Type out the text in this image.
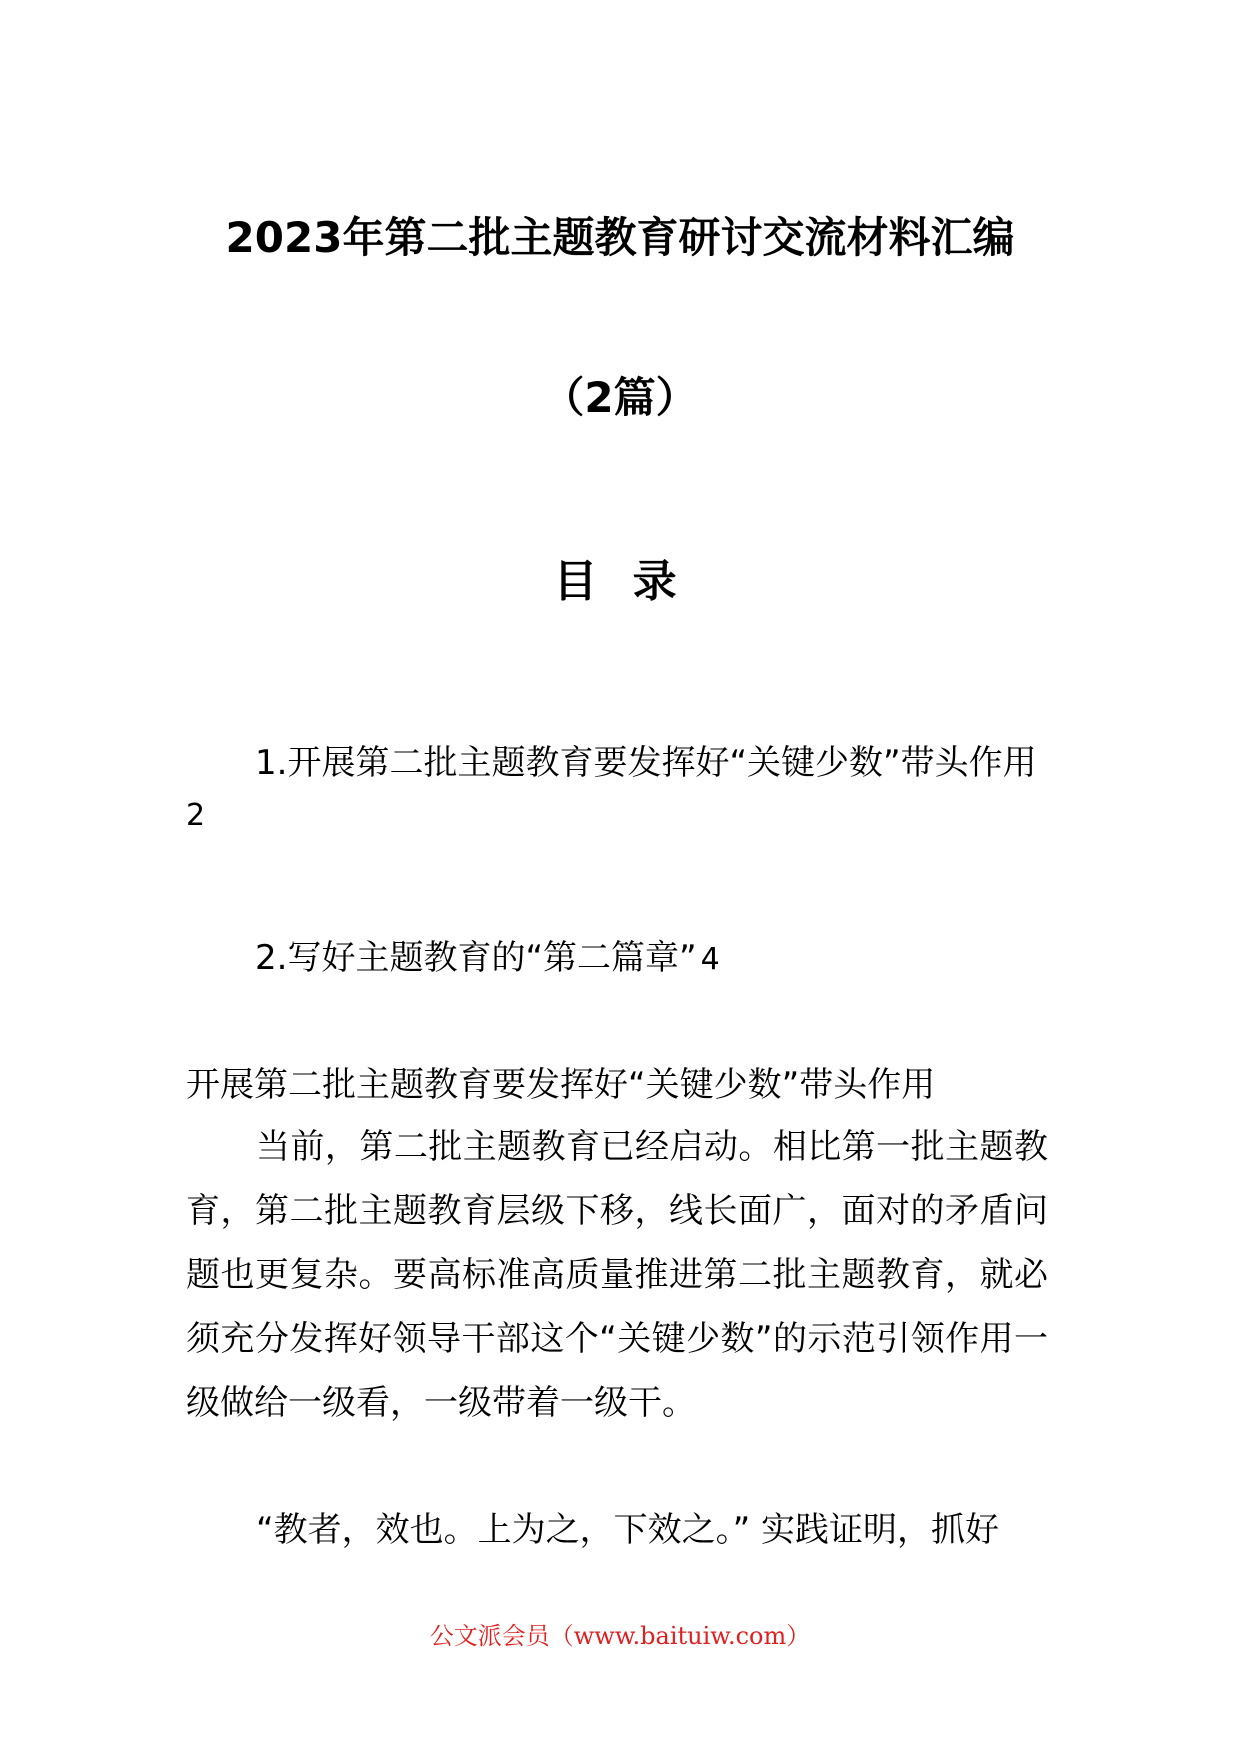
2023年第二批主题教育研讨交流材料汇编
（2篇）
目 录
1.开展第二批主题教育要发挥好“关键少数”带头作用
2
2.写好主题教育的“第二篇章” 4
开展第二批主题教育要发挥好“关键少数”带头作用
当前，第二批主题教育已经启动。相比第一批主题教育，第二批主题教育层级下移，线长面广，面对的矛盾问题也更复杂。要高标准高质量推进第二批主题教育，就必须充分发挥好领导干部这个“关键少数”的示范引领作用一级做给一级看，一级带着一级干。
“教者，效也。上为之，下效之。” 实践证明，抓好
公文派会员（www.baituiw.com）
